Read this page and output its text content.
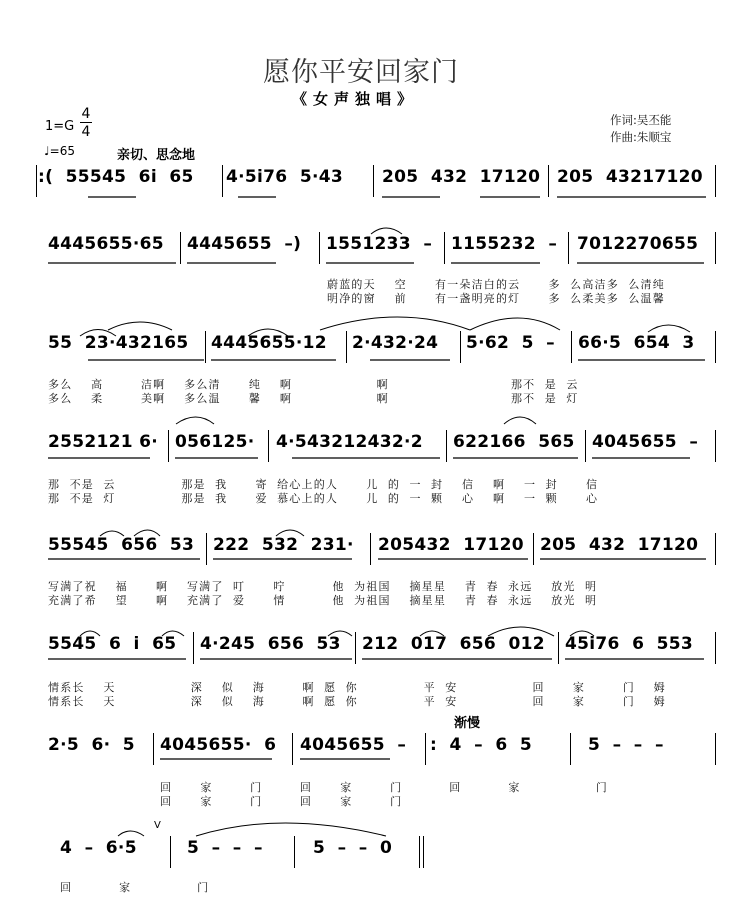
愿你平安回家门
《女声独唱》
1=G
4
4
♩=65	亲切、思念地
作词:吴丕能
作曲:朱顺宝
:(  55545  6i  65 4·5i76  5·43 205  432  17120 205  43217120
4445655·65 4445655  –) 1551233  – 1155232  – 7012270655
蔚蓝的天    空      有一朵洁白的云      多  么高洁多  么清纯
明净的窗    前      有一盏明亮的灯      多  么柔美多  么温馨
55  23·432165 4445655·12 2·432·24 5·62  5  – 66·5  654  3
多么    高        洁啊    多么清      纯    啊                  啊                          那不  是  云
多么    柔        美啊    多么温      馨    啊                  啊                          那不  是  灯
2552121 6· 056125· 4·543212432·2 622166  565 4045655  –
那  不是  云              那是  我      寄  给心上的人      儿  的  一  封    信    啊    一  封      信
那  不是  灯              那是  我      爱  慕心上的人      儿  的  一  颗    心    啊    一  颗      心
55545  656  53 222  532  231· 205432  17120 205  432  17120
写满了祝    福      啊    写满了  叮      咛          他  为祖国    摘星星    青  春  永远    放光  明
充满了希    望      啊    充满了  爱      情          他  为祖国    摘星星    青  春  永远    放光  明
5545  6  i  65 4·245  656  53 212  017  656  012 45i76  6  553
情系长    天                深    似    海        啊  愿  你              平  安                回      家        门    姆
情系长    天                深    似    海        啊  愿  你              平  安                回      家        门    姆
2·5  6·  5 4045655·  6 4045655  – :  4  –  6  5	5  –  –  –
回      家        门        回      家        门          回          家                门
回      家        门        回      家        门
4  –  6·5	5  –  –  –	5  –  –  0
回          家              门
渐慢
V
